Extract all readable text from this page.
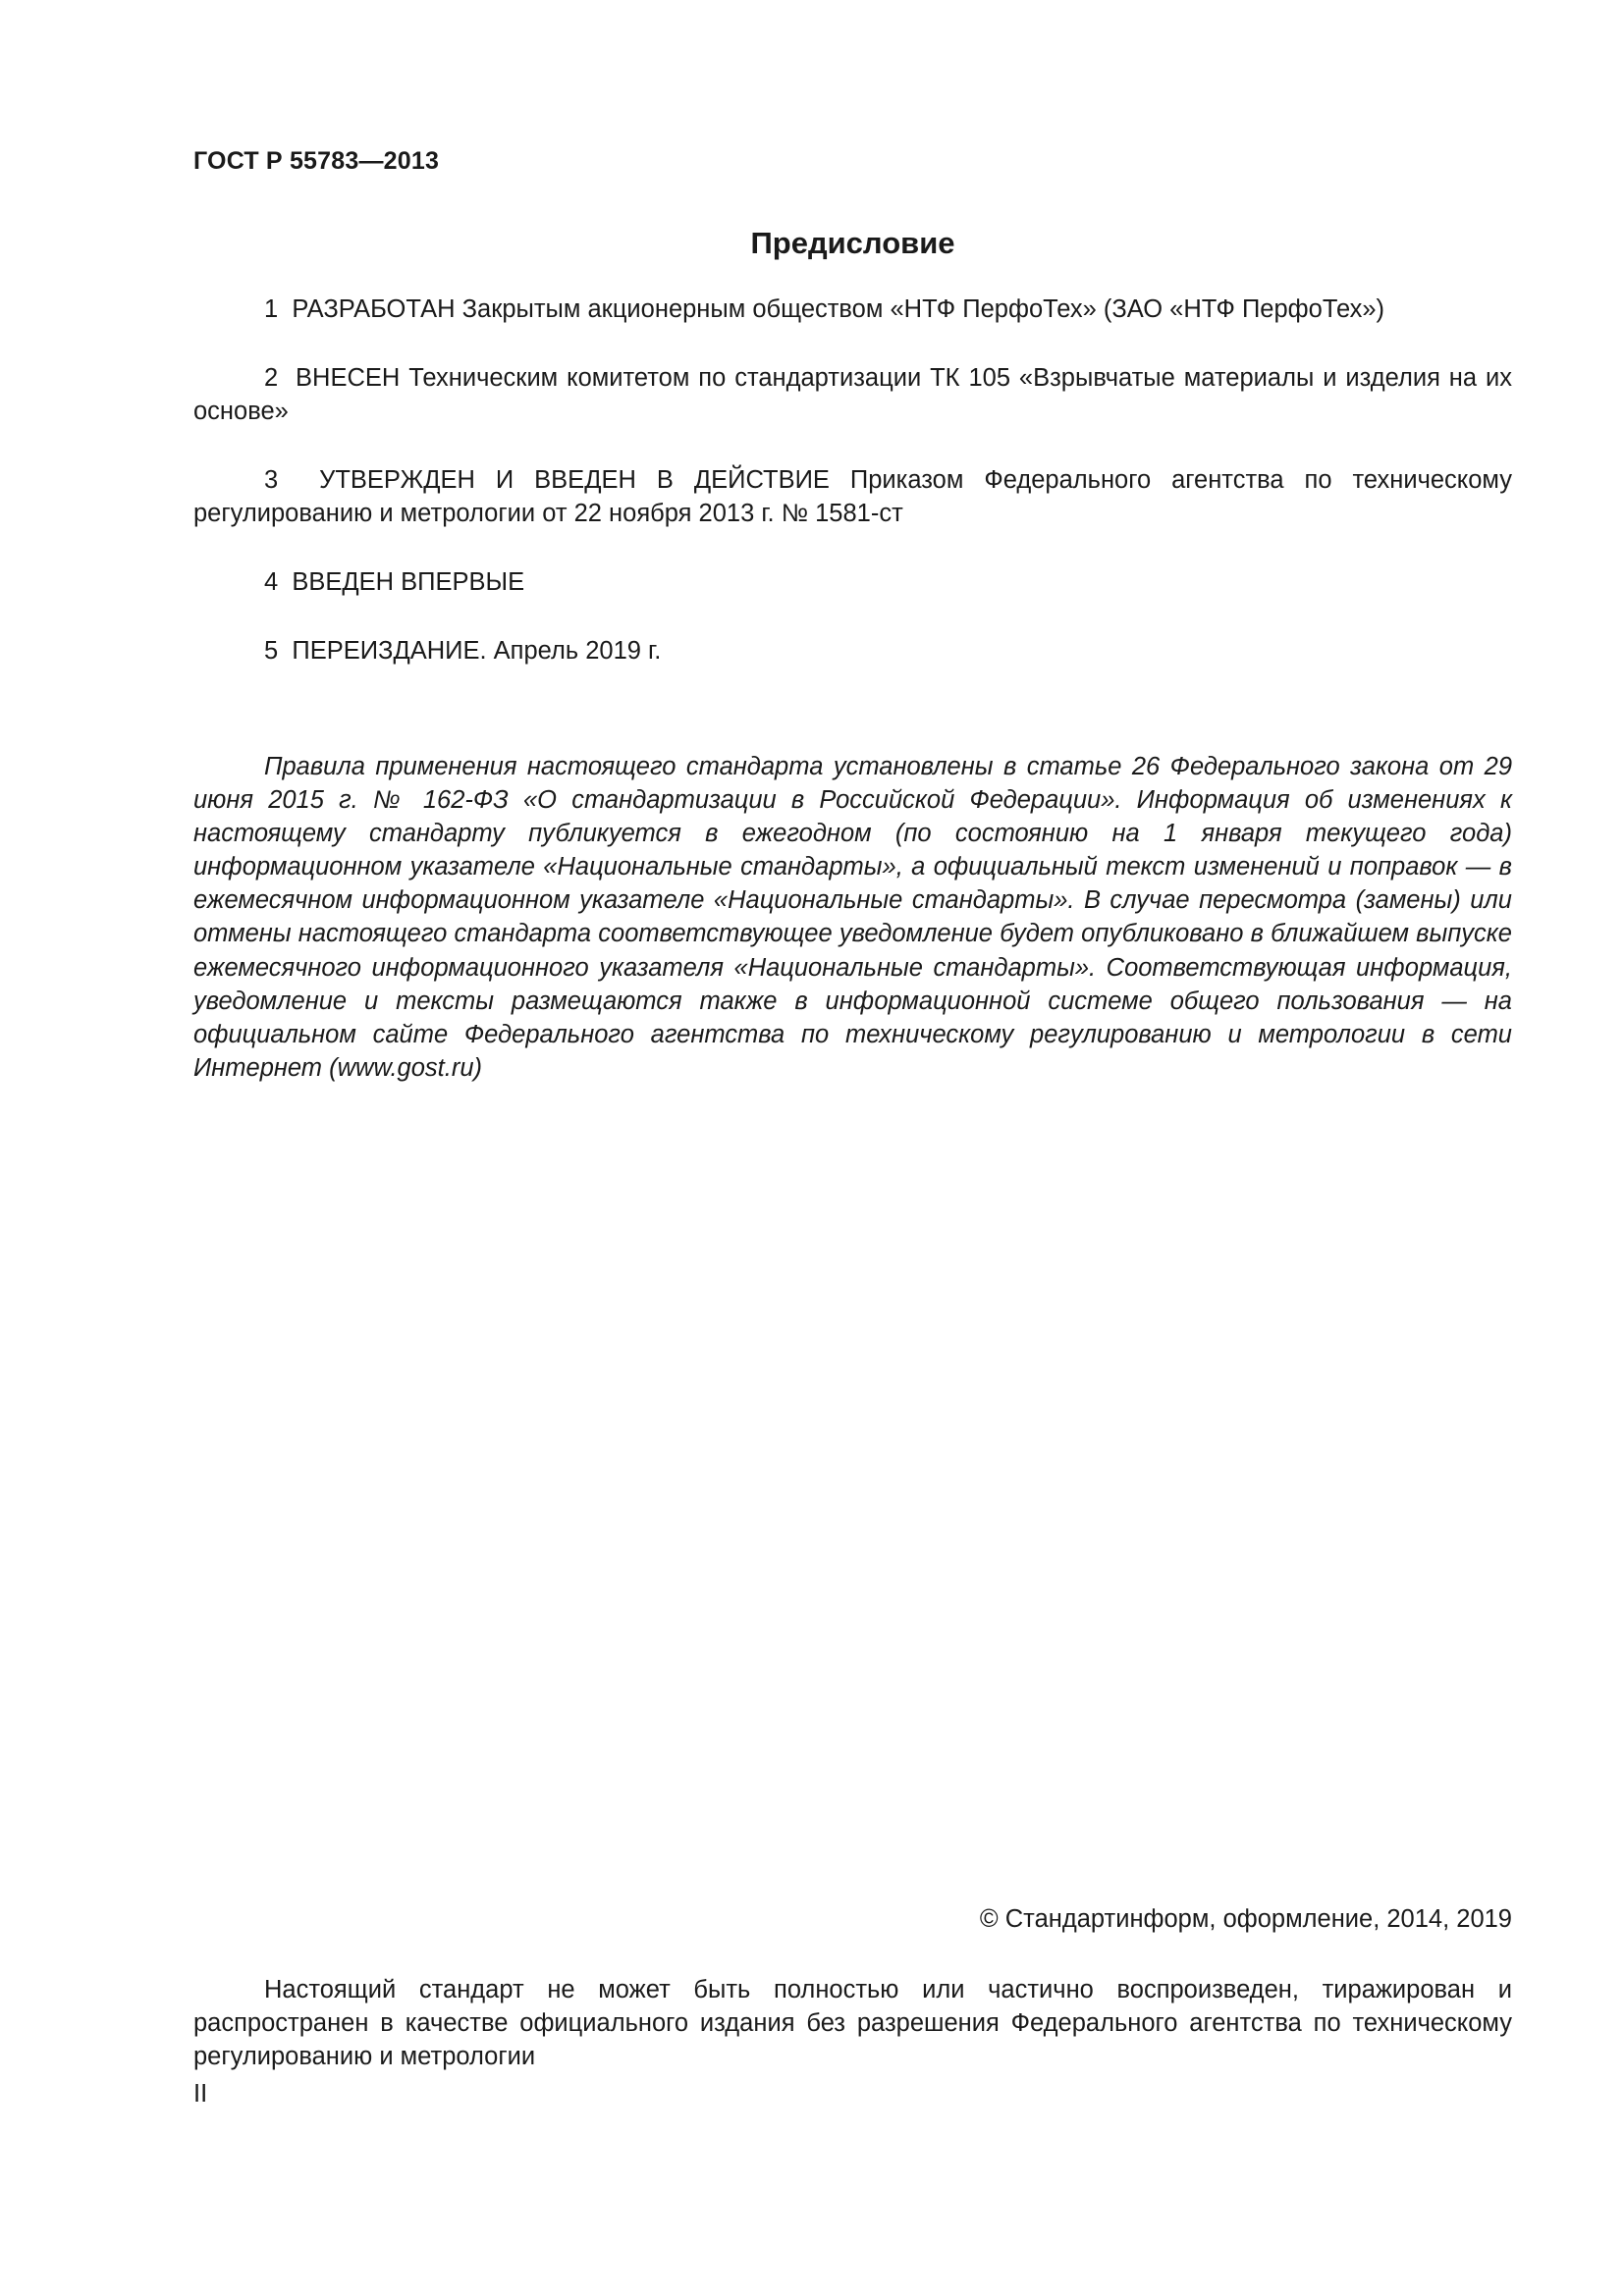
ГОСТ Р 55783—2013
Предисловие

1 РАЗРАБОТАН Закрытым акционерным обществом «НТФ ПерфоТех» (ЗАО «НТФ ПерфоТех»)

2 ВНЕСЕН Техническим комитетом по стандартизации ТК 105 «Взрывчатые материалы и изделия на их основе»

3 УТВЕРЖДЕН И ВВЕДЕН В ДЕЙСТВИЕ Приказом Федерального агентства по техническому регулированию и метрологии от 22 ноября 2013 г. № 1581-ст

4 ВВЕДЕН ВПЕРВЫЕ

5 ПЕРЕИЗДАНИЕ. Апрель 2019 г.

Правила применения настоящего стандарта установлены в статье 26 Федерального закона от 29 июня 2015 г. № 162-ФЗ «О стандартизации в Российской Федерации». Информация об изменениях к настоящему стандарту публикуется в ежегодном (по состоянию на 1 января текущего года) информационном указателе «Национальные стандарты», а официальный текст изменений и поправок — в ежемесячном информационном указателе «Национальные стандарты». В случае пересмотра (замены) или отмены настоящего стандарта соответствующее уведомление будет опубликовано в ближайшем выпуске ежемесячного информационного указателя «Национальные стандарты». Соответствующая информация, уведомление и тексты размещаются также в информационной системе общего пользования — на официальном сайте Федерального агентства по техническому регулированию и метрологии в сети Интернет (www.gost.ru)

© Стандартинформ, оформление, 2014, 2019

Настоящий стандарт не может быть полностью или частично воспроизведен, тиражирован и распространен в качестве официального издания без разрешения Федерального агентства по техническому регулированию и метрологии

II
